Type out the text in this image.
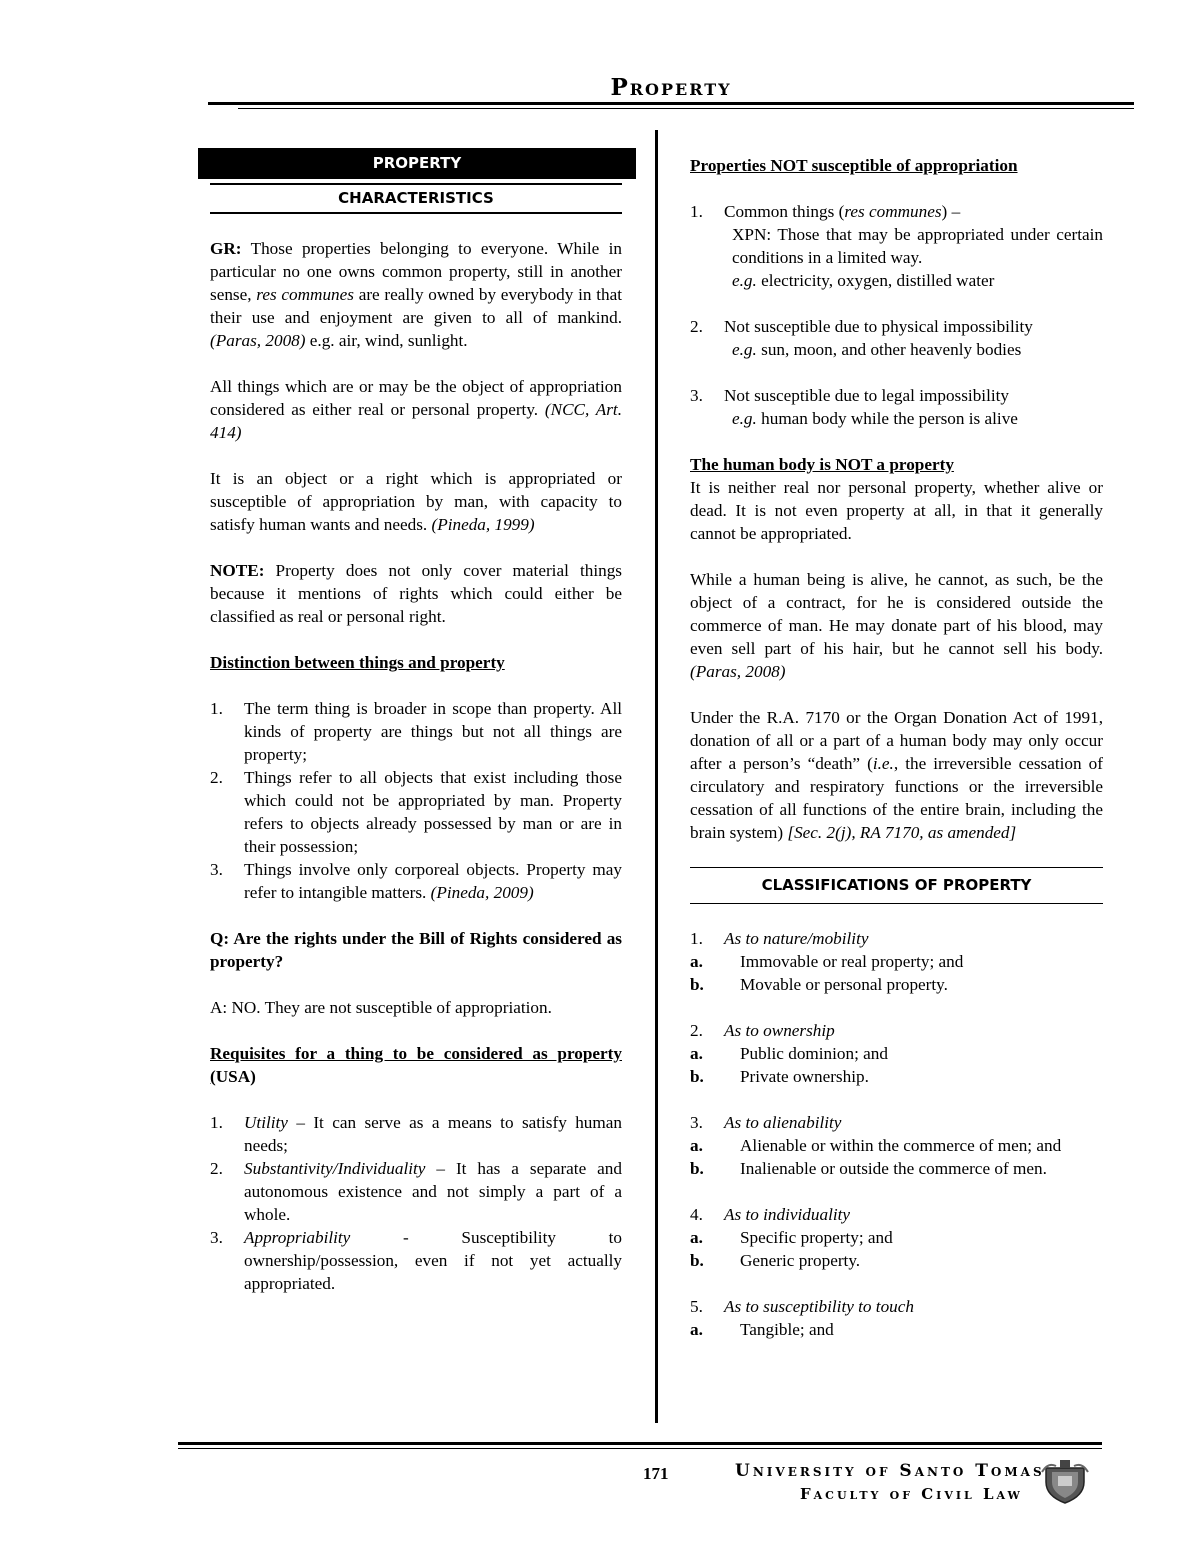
Property
PROPERTY
CHARACTERISTICS

GR: Those properties belonging to everyone. While in particular no one owns common property, still in another sense, res communes are really owned by everybody in that their use and enjoyment are given to all of mankind. (Paras, 2008) e.g. air, wind, sunlight.

All things which are or may be the object of appropriation considered as either real or personal property. (NCC, Art. 414)

It is an object or a right which is appropriated or susceptible of appropriation by man, with capacity to satisfy human wants and needs. (Pineda, 1999)

NOTE: Property does not only cover material things because it mentions of rights which could either be classified as real or personal right.

Distinction between things and property
1. The term thing is broader in scope than property. All kinds of property are things but not all things are property;
2. Things refer to all objects that exist including those which could not be appropriated by man. Property refers to objects already possessed by man or are in their possession;
3. Things involve only corporeal objects. Property may refer to intangible matters. (Pineda, 2009)

Q: Are the rights under the Bill of Rights considered as property?

A: NO. They are not susceptible of appropriation.

Requisites for a thing to be considered as property (USA)
1. Utility – It can serve as a means to satisfy human needs;
2. Substantivity/Individuality – It has a separate and autonomous existence and not simply a part of a whole.
3. Appropriability - Susceptibility to ownership/possession, even if not yet actually appropriated.
Properties NOT susceptible of appropriation
1. Common things (res communes) –
XPN: Those that may be appropriated under certain conditions in a limited way.
e.g. electricity, oxygen, distilled water
2. Not susceptible due to physical impossibility
e.g. sun, moon, and other heavenly bodies
3. Not susceptible due to legal impossibility
e.g. human body while the person is alive
The human body is NOT a property

It is neither real nor personal property, whether alive or dead. It is not even property at all, in that it generally cannot be appropriated.

While a human being is alive, he cannot, as such, be the object of a contract, for he is considered outside the commerce of man. He may donate part of his blood, may even sell part of his hair, but he cannot sell his body. (Paras, 2008)

Under the R.A. 7170 or the Organ Donation Act of 1991, donation of all or a part of a human body may only occur after a person’s “death” (i.e., the irreversible cessation of circulatory and respiratory functions or the irreversible cessation of all functions of the entire brain, including the brain system) [Sec. 2(j), RA 7170, as amended]

CLASSIFICATIONS OF PROPERTY
1. As to nature/mobility
a. Immovable or real property; and
b. Movable or personal property.
2. As to ownership
a. Public dominion; and
b. Private ownership.
3. As to alienability
a. Alienable or within the commerce of men; and
b. Inalienable or outside the commerce of men.
4. As to individuality
a. Specific property; and
b. Generic property.
5. As to susceptibility to touch
a. Tangible; and
171	University of Santo Tomas
Faculty of Civil Law
